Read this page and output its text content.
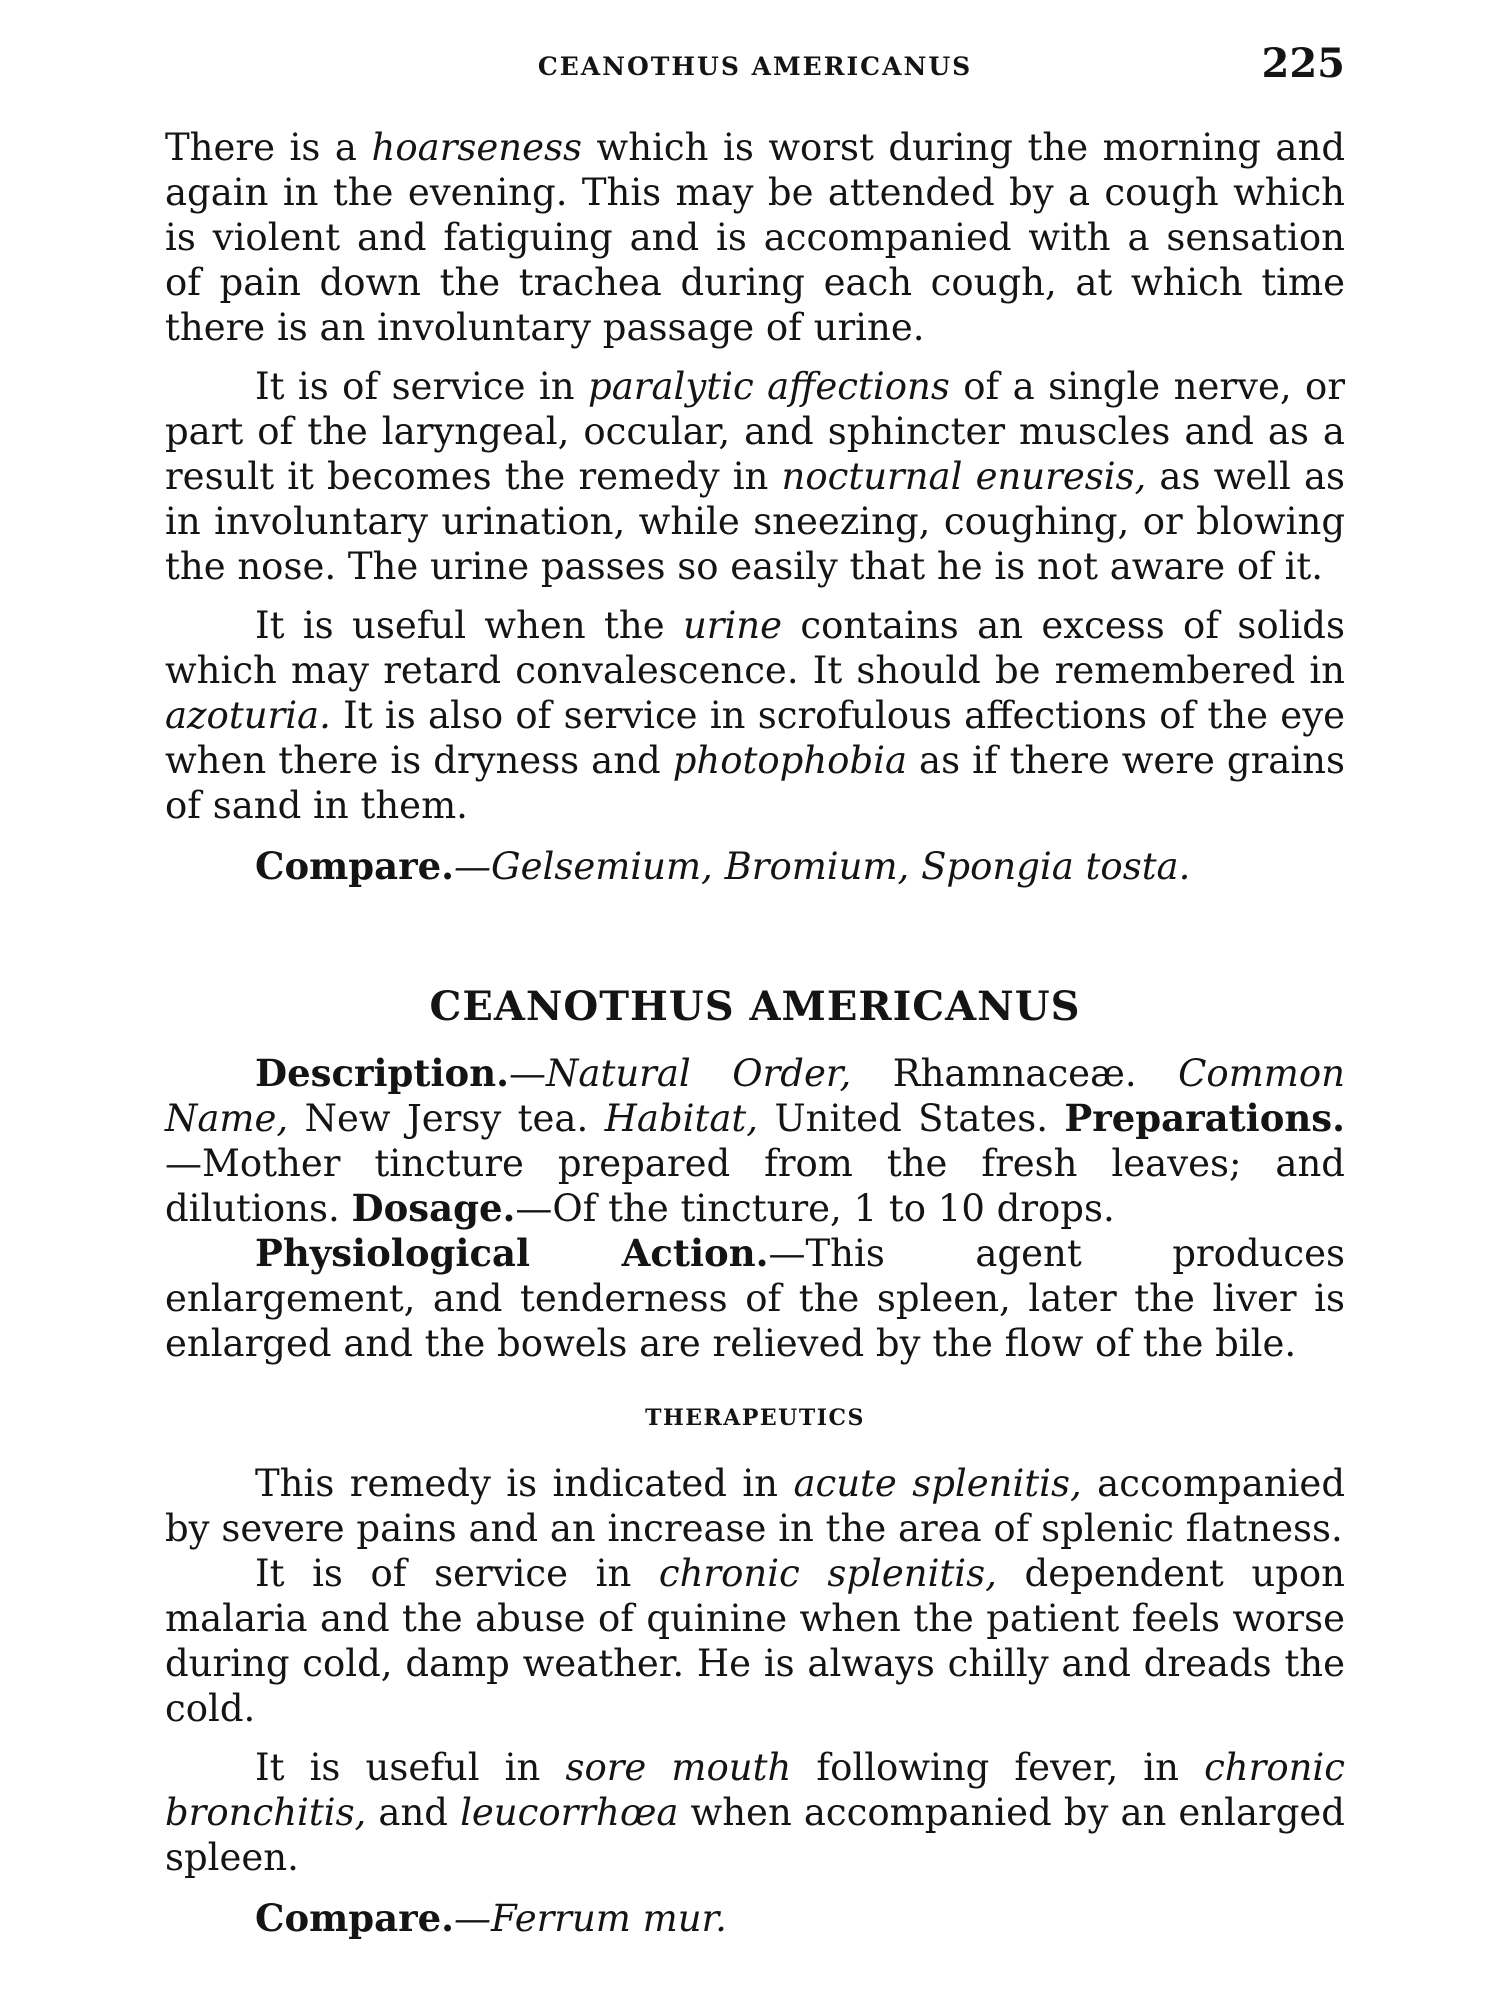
CEANOTHUS AMERICANUS	225

There is a hoarseness which is worst during the morning and again in the evening. This may be attended by a cough which is violent and fatiguing and is accompanied with a sensation of pain down the trachea during each cough, at which time there is an involuntary passage of urine.

It is of service in paralytic affections of a single nerve, or part of the laryngeal, occular, and sphincter muscles and as a result it becomes the remedy in nocturnal enuresis, as well as in involuntary urination, while sneezing, coughing, or blowing the nose. The urine passes so easily that he is not aware of it.

It is useful when the urine contains an excess of solids which may retard convalescence. It should be remembered in azoturia. It is also of service in scrofulous affections of the eye when there is dryness and photophobia as if there were grains of sand in them.

Compare.—Gelsemium, Bromium, Spongia tosta.

CEANOTHUS AMERICANUS

Description.—Natural Order, Rhamnaceæ. Common Name, New Jersy tea. Habitat, United States. Preparations.—Mother tincture prepared from the fresh leaves; and dilutions. Dosage.—Of the tincture, 1 to 10 drops.

Physiological Action.—This agent produces enlargement, and tenderness of the spleen, later the liver is enlarged and the bowels are relieved by the flow of the bile.

THERAPEUTICS

This remedy is indicated in acute splenitis, accompanied by severe pains and an increase in the area of splenic flatness.

It is of service in chronic splenitis, dependent upon malaria and the abuse of quinine when the patient feels worse during cold, damp weather. He is always chilly and dreads the cold.

It is useful in sore mouth following fever, in chronic bronchitis, and leucorrhœa when accompanied by an enlarged spleen.

Compare.—Ferrum mur.
